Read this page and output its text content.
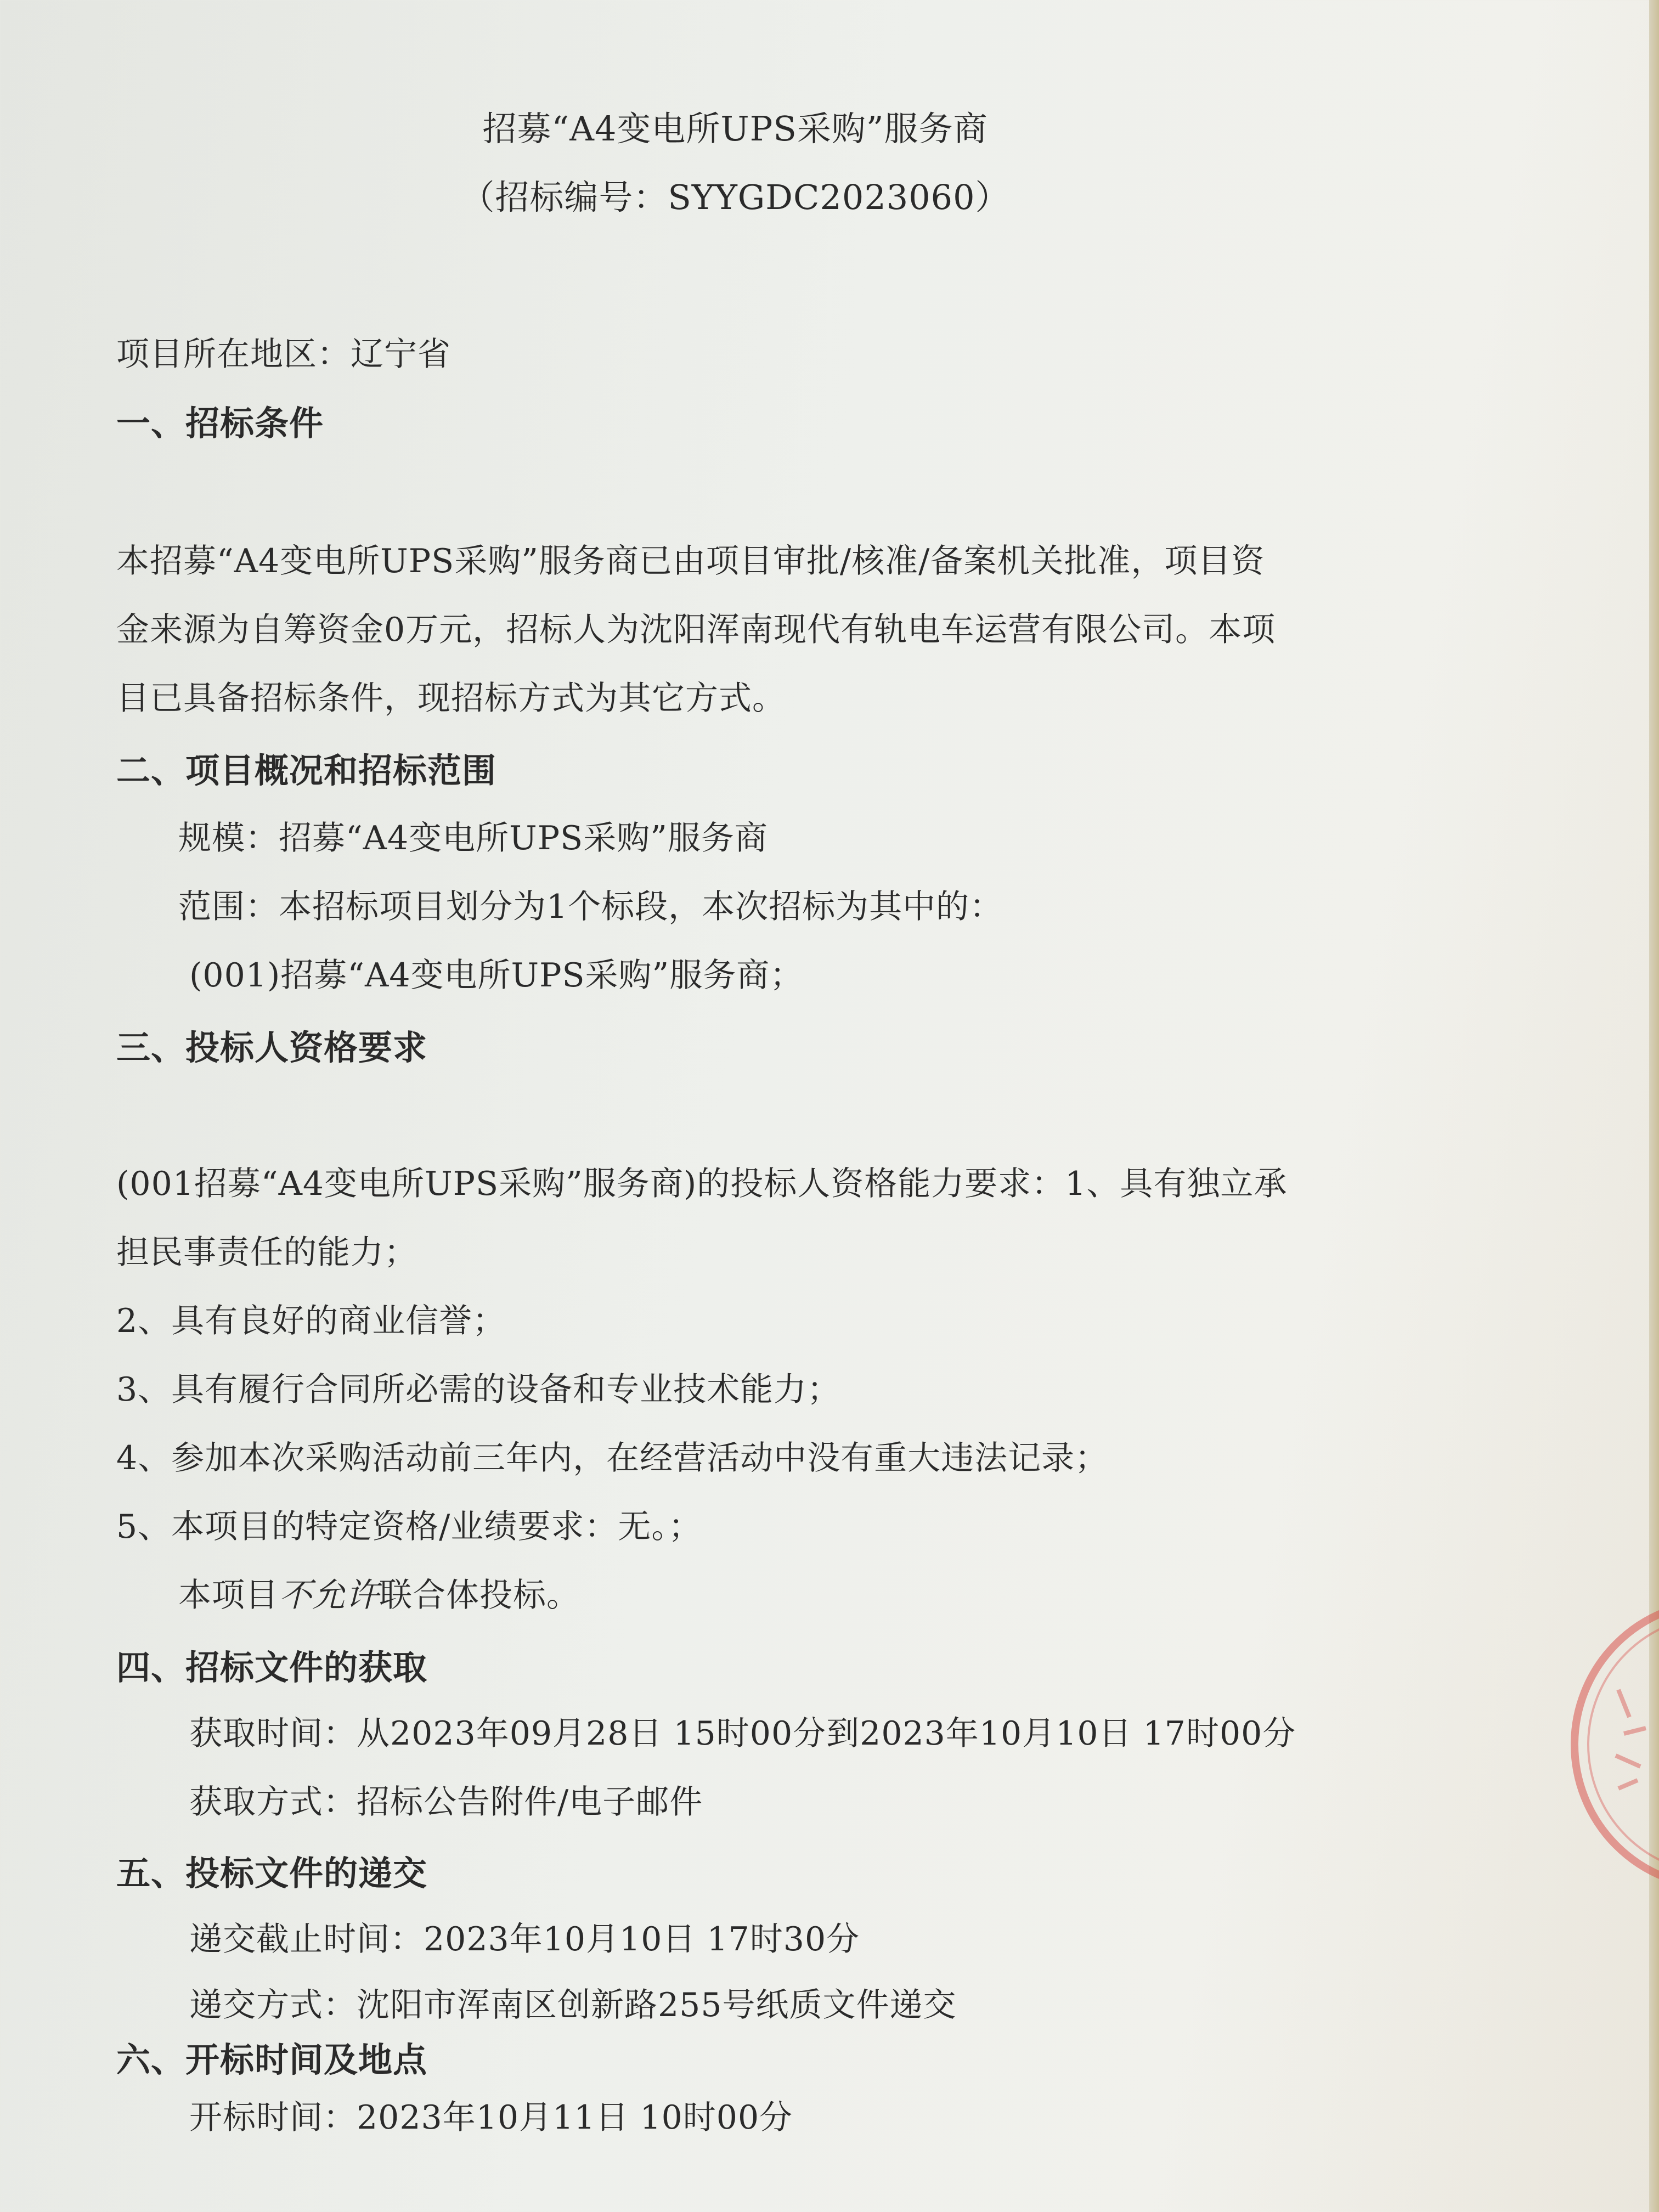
招募“A4变电所UPS采购”服务商
（招标编号：SYYGDC2023060）
项目所在地区：辽宁省
一、招标条件
本招募“A4变电所UPS采购”服务商已由项目审批/核准/备案机关批准，项目资
金来源为自筹资金0万元，招标人为沈阳浑南现代有轨电车运营有限公司。本项
目已具备招标条件，现招标方式为其它方式。
二、项目概况和招标范围
规模：招募“A4变电所UPS采购”服务商
范围：本招标项目划分为1个标段，本次招标为其中的：
(001)招募“A4变电所UPS采购”服务商；
三、投标人资格要求
(001招募“A4变电所UPS采购”服务商)的投标人资格能力要求：1、具有独立承
担民事责任的能力；
2、具有良好的商业信誉；
3、具有履行合同所必需的设备和专业技术能力；
4、参加本次采购活动前三年内，在经营活动中没有重大违法记录；
5、本项目的特定资格/业绩要求：无。；
本项目不允许联合体投标。
四、招标文件的获取
获取时间：从2023年09月28日 15时00分到2023年10月10日 17时00分
获取方式：招标公告附件/电子邮件
五、投标文件的递交
递交截止时间：2023年10月10日 17时30分
递交方式：沈阳市浑南区创新路255号纸质文件递交
六、开标时间及地点
开标时间：2023年10月11日 10时00分
